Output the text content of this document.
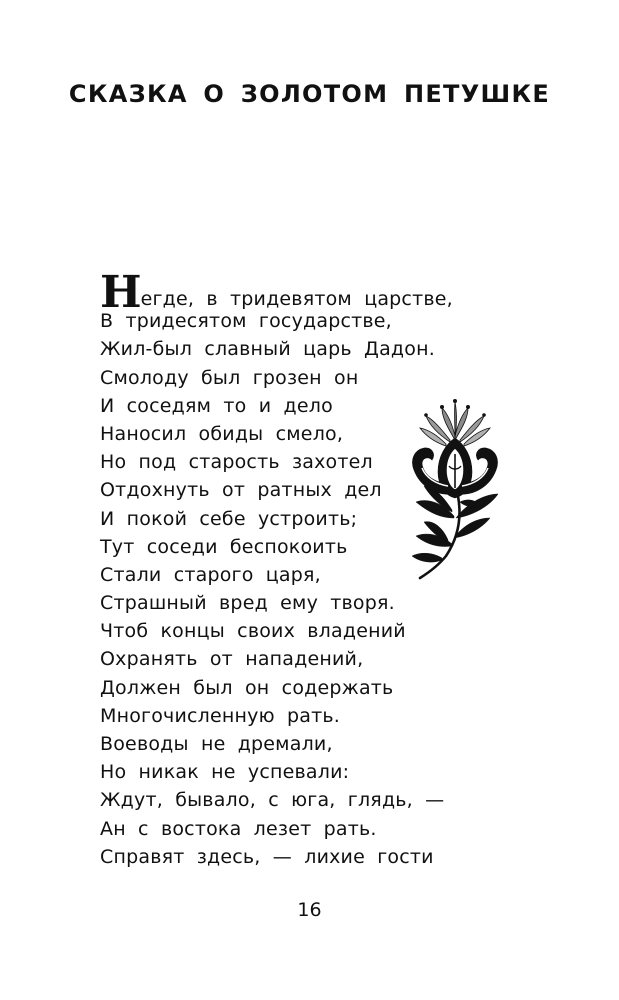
СКАЗКА О ЗОЛОТОМ ПЕТУШКЕ
Негде, в тридевятом царстве,
В тридесятом государстве,
Жил-был славный царь Дадон.
Смолоду был грозен он
И соседям то и дело
Наносил обиды смело,
Но под старость захотел
Отдохнуть от ратных дел
И покой себе устроить;
Тут соседи беспокоить
Стали старого царя,
Страшный вред ему творя.
Чтоб концы своих владений
Охранять от нападений,
Должен был он содержать
Многочисленную рать.
Воеводы не дремали,
Но никак не успевали:
Ждут, бывало, с юга, глядь, —
Ан с востока лезет рать.
Справят здесь, — лихие гости
16
